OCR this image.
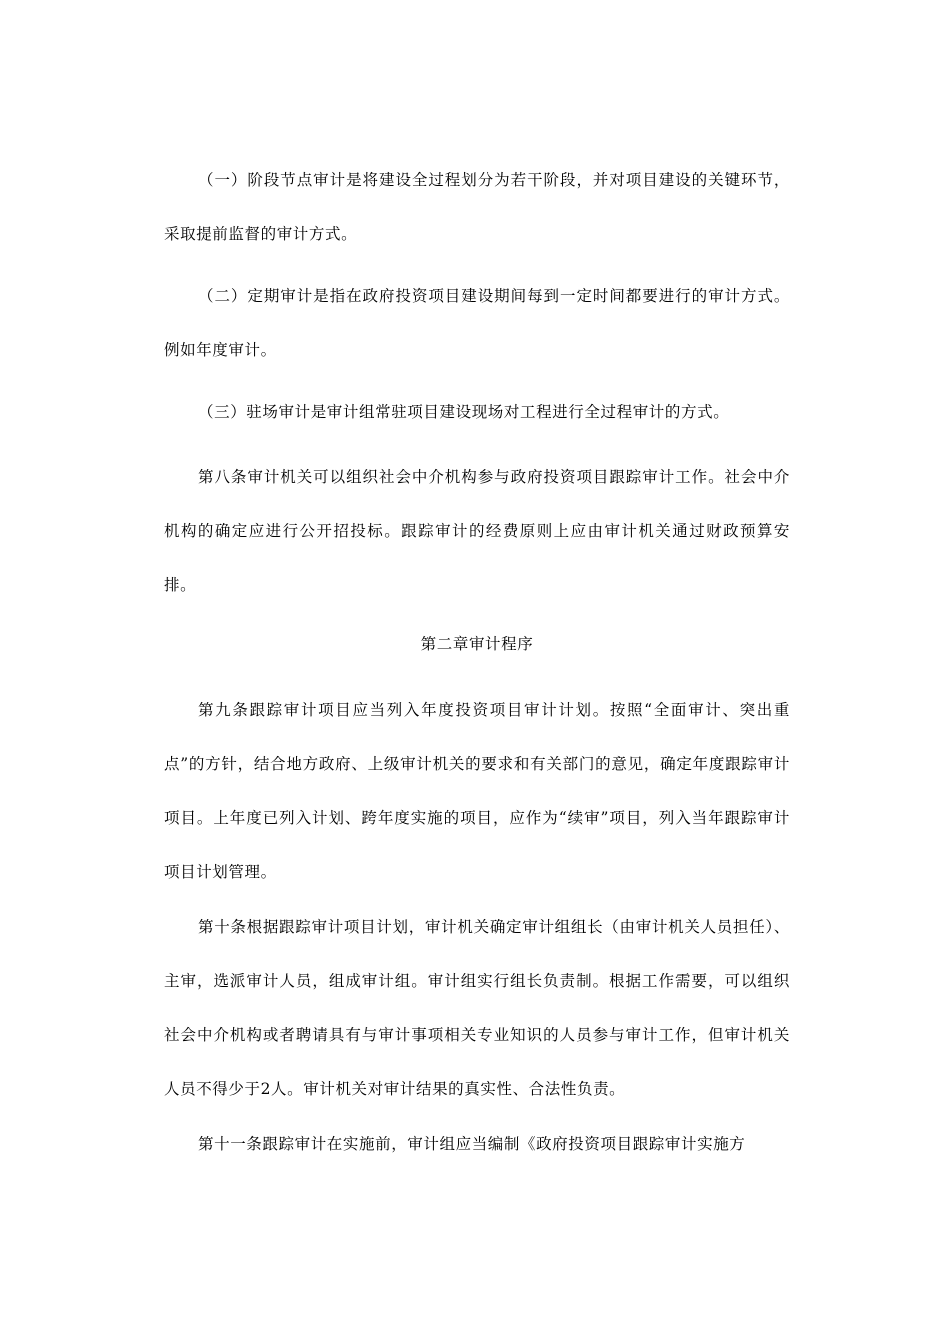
（一）阶段节点审计是将建设全过程划分为若干阶段，并对项目建设的关键环节，采取提前监督的审计方式。

（二）定期审计是指在政府投资项目建设期间每到一定时间都要进行的审计方式。例如年度审计。

（三）驻场审计是审计组常驻项目建设现场对工程进行全过程审计的方式。

第八条审计机关可以组织社会中介机构参与政府投资项目跟踪审计工作。社会中介机构的确定应进行公开招投标。跟踪审计的经费原则上应由审计机关通过财政预算安排。

第二章审计程序

第九条跟踪审计项目应当列入年度投资项目审计计划。按照“全面审计、突出重点”的方针，结合地方政府、上级审计机关的要求和有关部门的意见，确定年度跟踪审计项目。上年度已列入计划、跨年度实施的项目，应作为“续审”项目，列入当年跟踪审计项目计划管理。

第十条根据跟踪审计项目计划，审计机关确定审计组组长（由审计机关人员担任）、主审，选派审计人员，组成审计组。审计组实行组长负责制。根据工作需要，可以组织社会中介机构或者聘请具有与审计事项相关专业知识的人员参与审计工作，但审计机关人员不得少于2人。审计机关对审计结果的真实性、合法性负责。

第十一条跟踪审计在实施前，审计组应当编制《政府投资项目跟踪审计实施方
